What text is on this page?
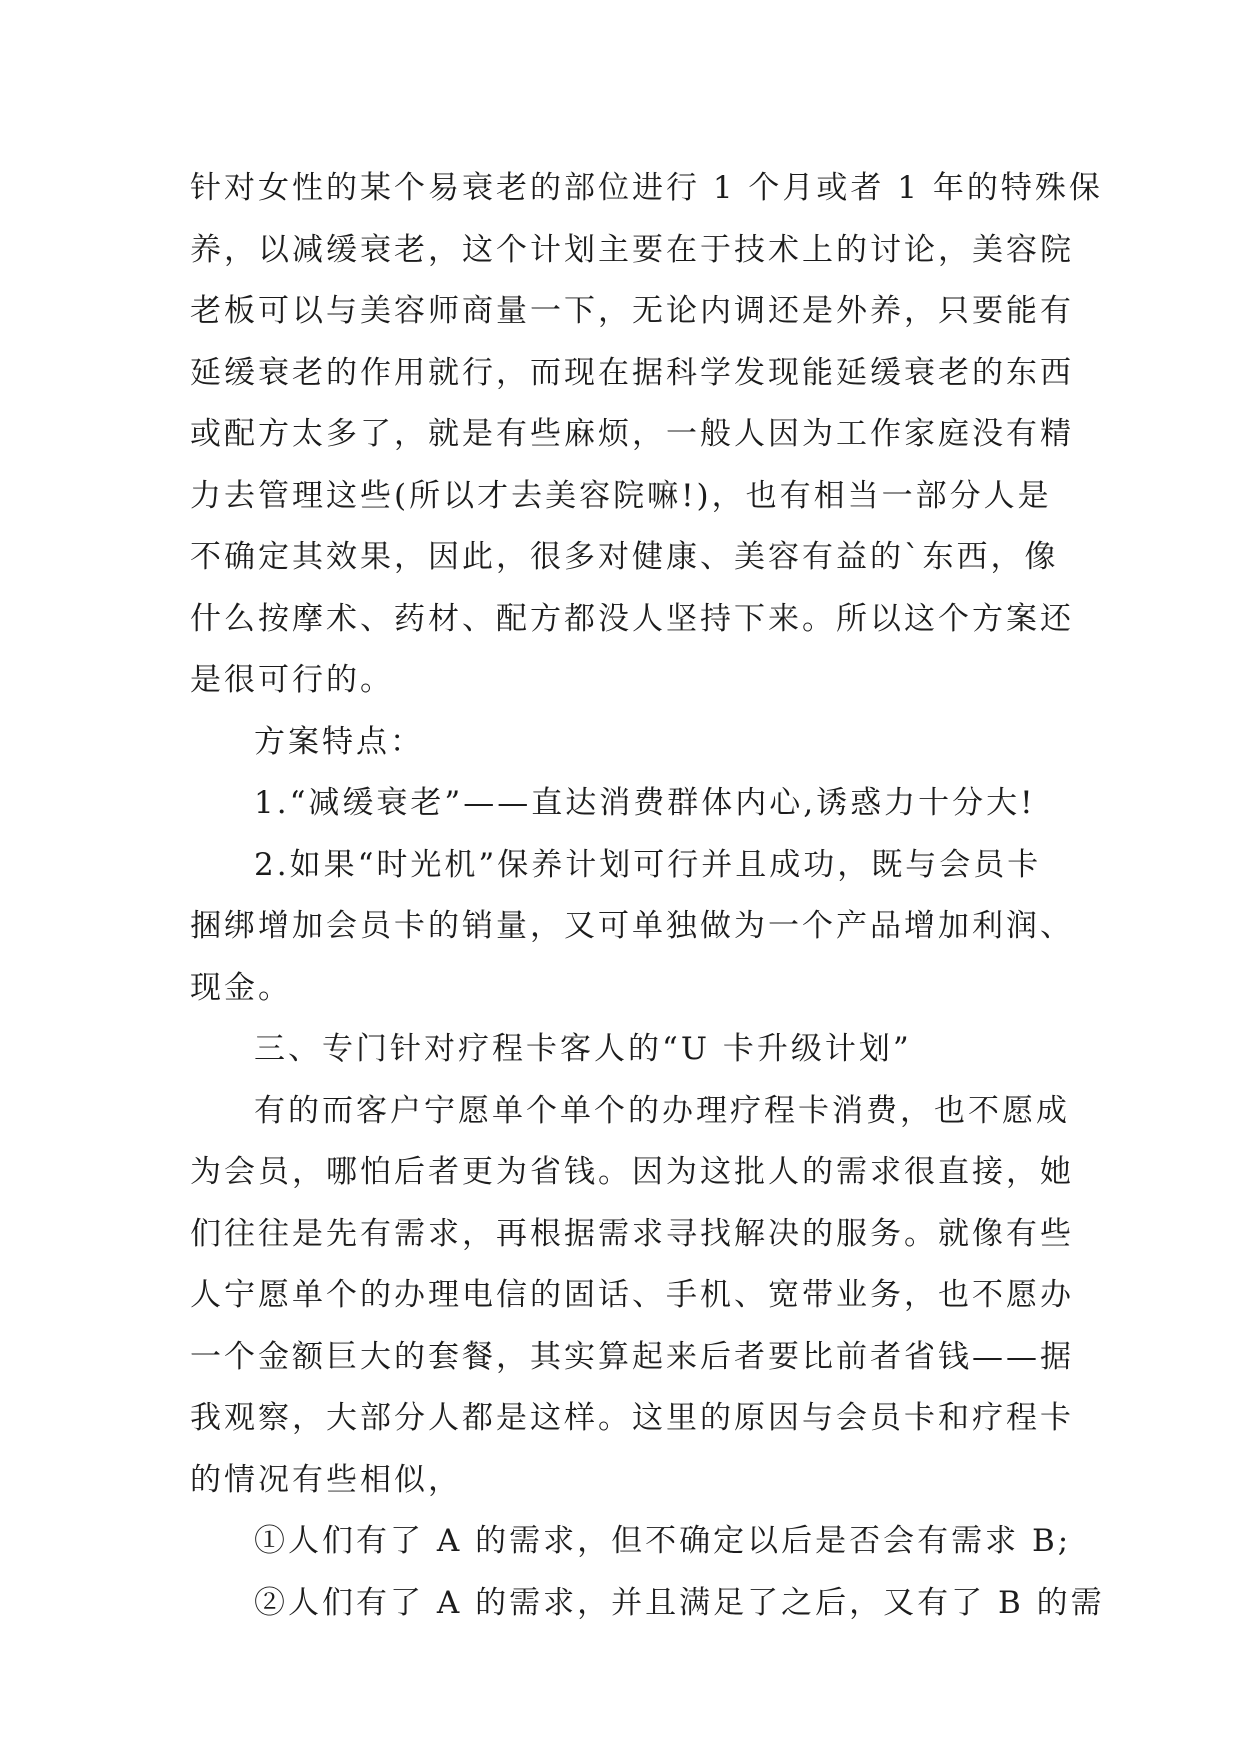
针对女性的某个易衰老的部位进行 1 个月或者 1 年的特殊保
养，以减缓衰老，这个计划主要在于技术上的讨论，美容院
老板可以与美容师商量一下，无论内调还是外养，只要能有
延缓衰老的作用就行，而现在据科学发现能延缓衰老的东西
或配方太多了，就是有些麻烦，一般人因为工作家庭没有精
力去管理这些(所以才去美容院嘛!)，也有相当一部分人是
不确定其效果，因此，很多对健康、美容有益的`东西，像
什么按摩术、药材、配方都没人坚持下来。所以这个方案还
是很可行的。
方案特点：
1.“减缓衰老”——直达消费群体内心,诱惑力十分大!
2.如果“时光机”保养计划可行并且成功，既与会员卡
捆绑增加会员卡的销量，又可单独做为一个产品增加利润、
现金。
三、专门针对疗程卡客人的“U 卡升级计划”
有的而客户宁愿单个单个的办理疗程卡消费，也不愿成
为会员，哪怕后者更为省钱。因为这批人的需求很直接，她
们往往是先有需求，再根据需求寻找解决的服务。就像有些
人宁愿单个的办理电信的固话、手机、宽带业务，也不愿办
一个金额巨大的套餐，其实算起来后者要比前者省钱——据
我观察，大部分人都是这样。这里的原因与会员卡和疗程卡
的情况有些相似，
①人们有了 A 的需求，但不确定以后是否会有需求 B;
②人们有了 A 的需求，并且满足了之后，又有了 B 的需
